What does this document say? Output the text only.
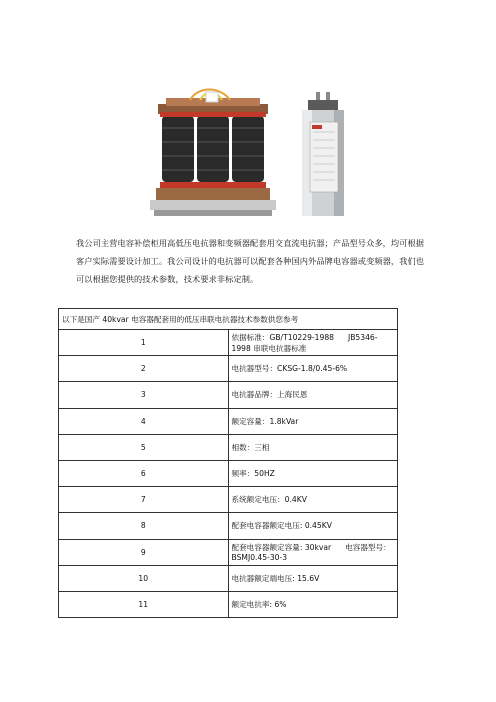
我公司主营电容补偿柜用高低压电抗器和变频器配套用交直流电抗器；产品型号众多，均可根据客户实际需要设计加工。我公司设计的电抗器可以配套各种国内外品牌电容器或变频器，我们也可以根据您提供的技术参数，技术要求非标定制。

以下是国产 40kvar 电容器配套用的低压串联电抗器技术参数供您参考	
1	依据标准：GB/T10229-1988 JB5346-1998 串联电抗器标准
2	电抗器型号：CKSG-1.8/0.45-6%
3	电抗器品牌：上海民恩
4	额定容量：1.8kVar
5	相数：三相
6	频率：50HZ
7	系统额定电压：0.4KV
8	配套电容器额定电压: 0.45KV
9	配套电容器额定容量: 30kvar 电容器型号：BSMJ0.45-30-3
10	电抗器额定端电压: 15.6V
11	额定电抗率: 6%
